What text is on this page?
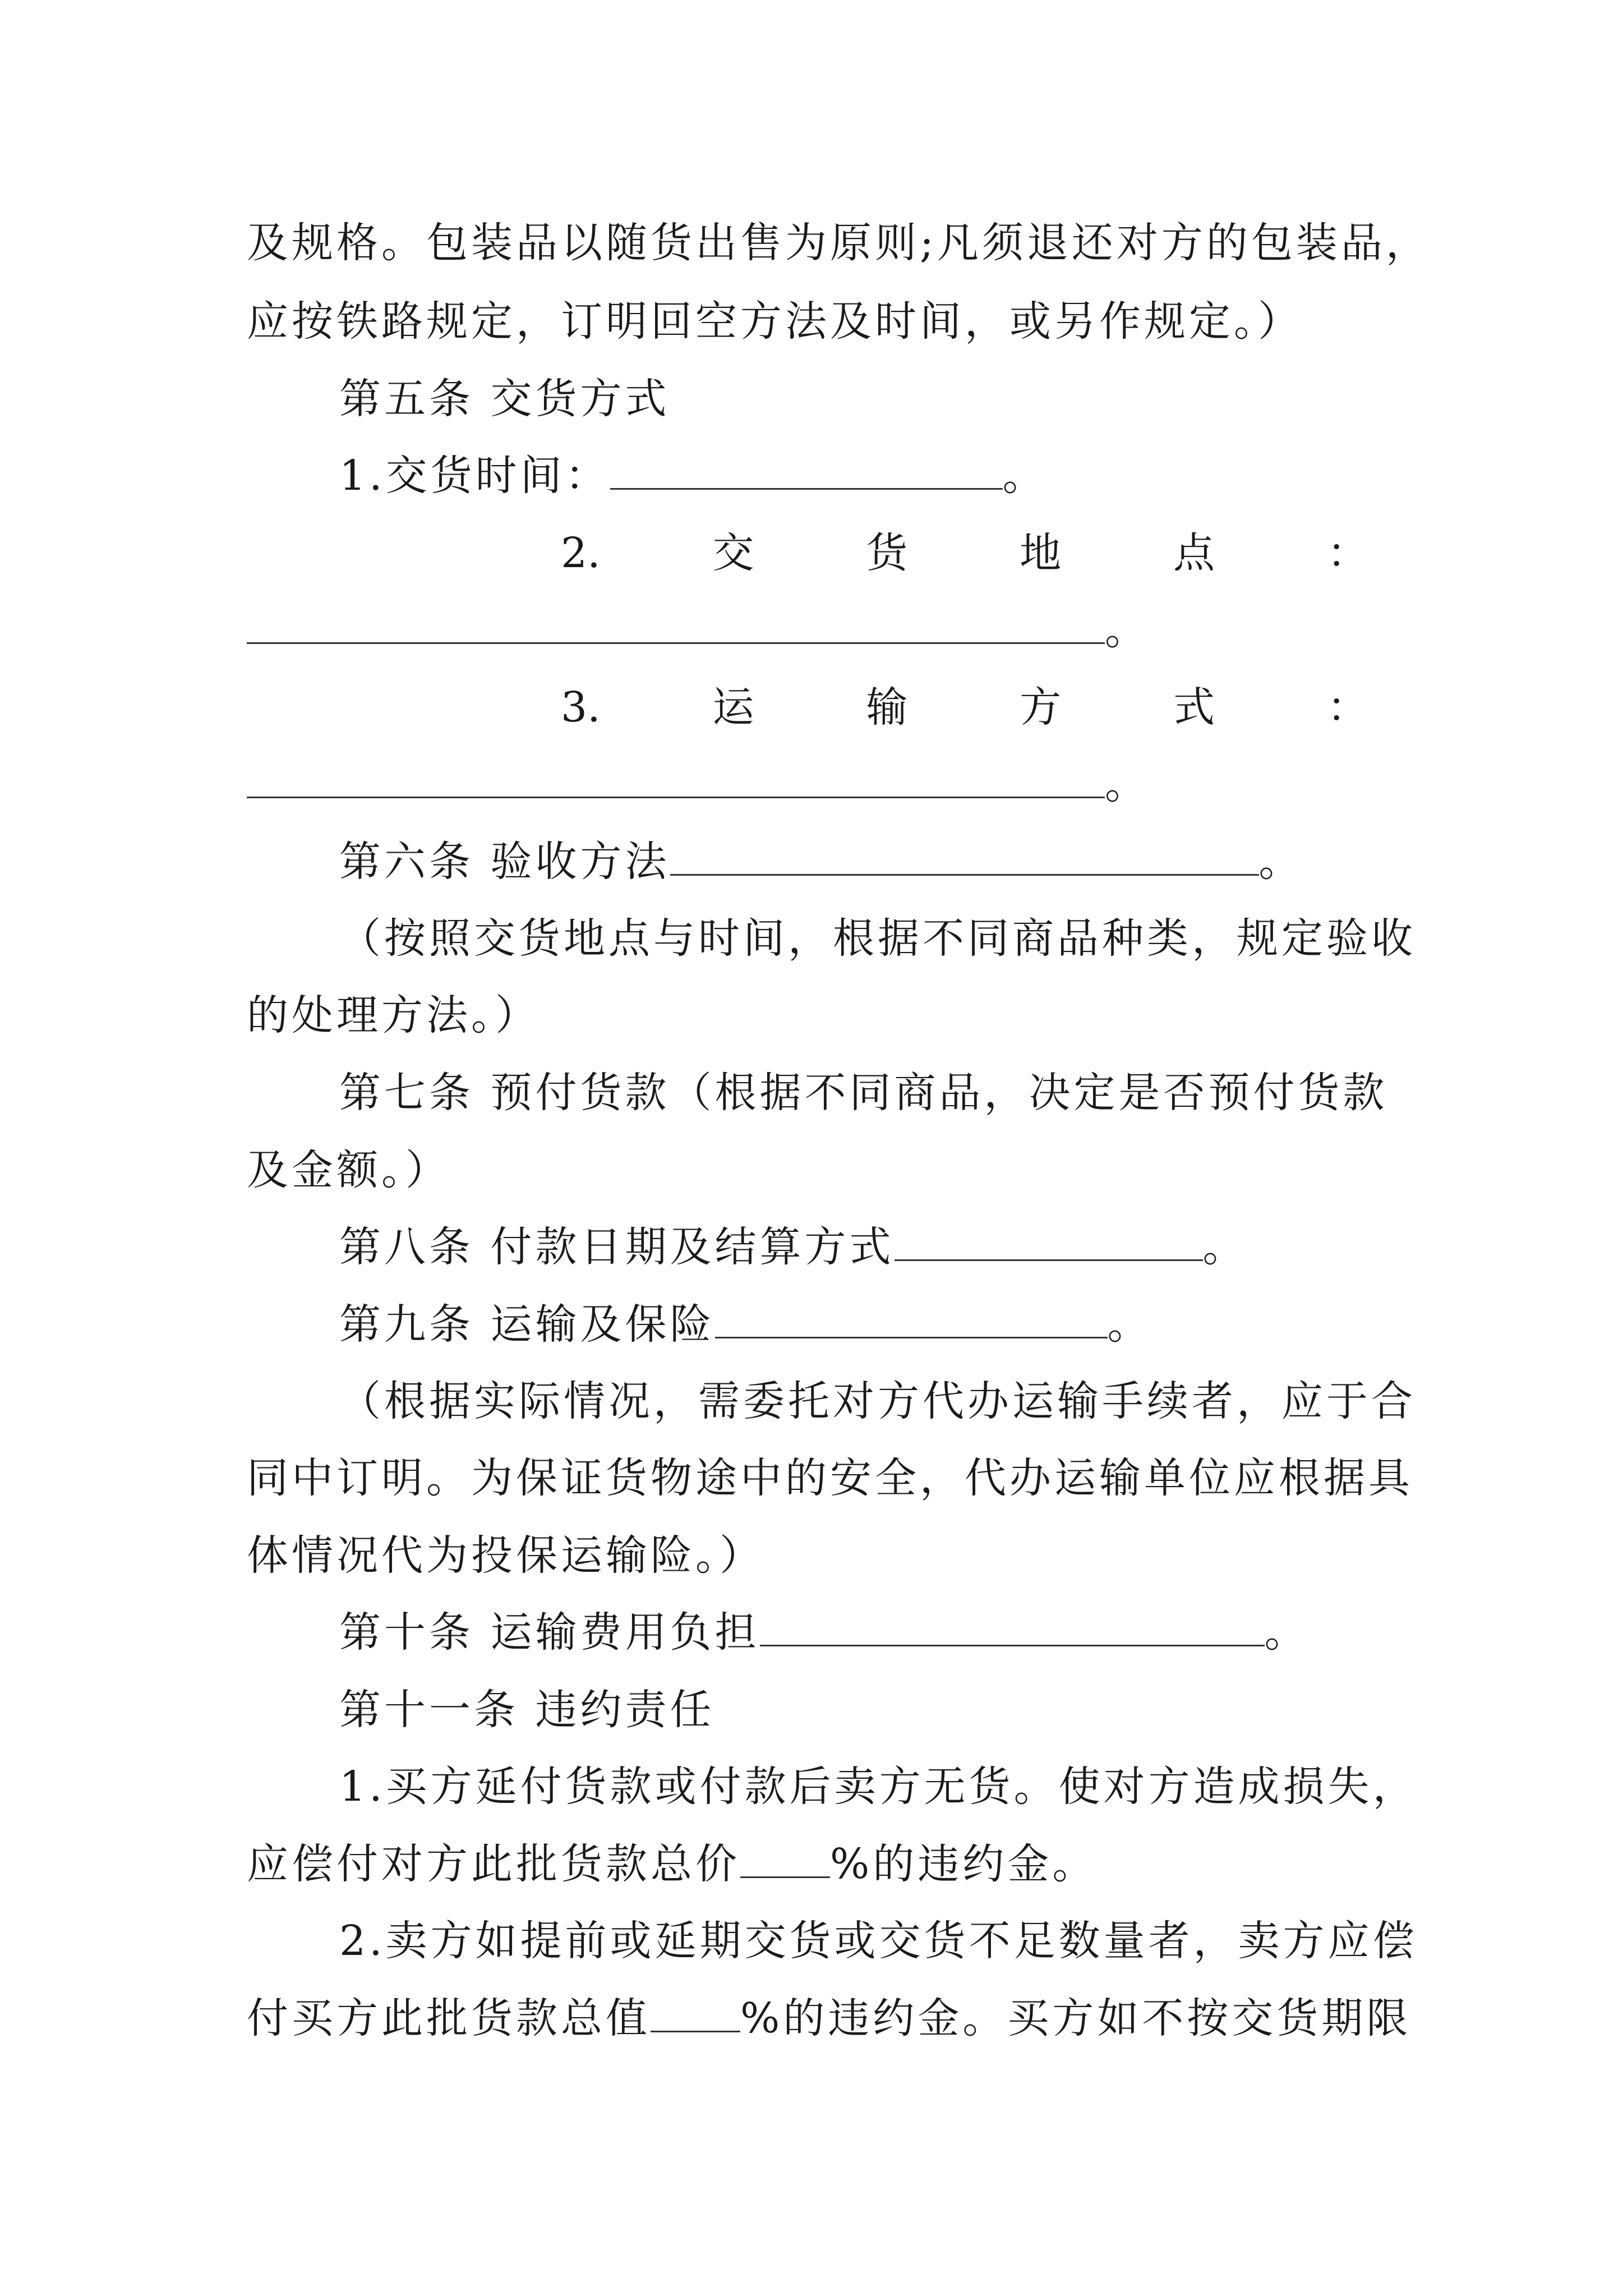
及规格。包装品以随货出售为原则;凡须退还对方的包装品，
应按铁路规定，订明回空方法及时间，或另作规定。）
第五条 交货方式
1.交货时间：	。
2.	交	货	地	点	：
。
3.	运	输	方	式	：
。
第六条 验收方法	。
（按照交货地点与时间，根据不同商品种类，规定验收
的处理方法。）
第七条 预付货款（根据不同商品，决定是否预付货款
及金额。）
第八条 付款日期及结算方式	。
第九条 运输及保险	。
（根据实际情况，需委托对方代办运输手续者，应于合
同中订明。为保证货物途中的安全，代办运输单位应根据具
体情况代为投保运输险。）
第十条 运输费用负担	。
第十一条 违约责任
1.买方延付货款或付款后卖方无货。使对方造成损失，
应偿付对方此批货款总价 %的违约金。
2.卖方如提前或延期交货或交货不足数量者，卖方应偿
付买方此批货款总值 %的违约金。买方如不按交货期限
